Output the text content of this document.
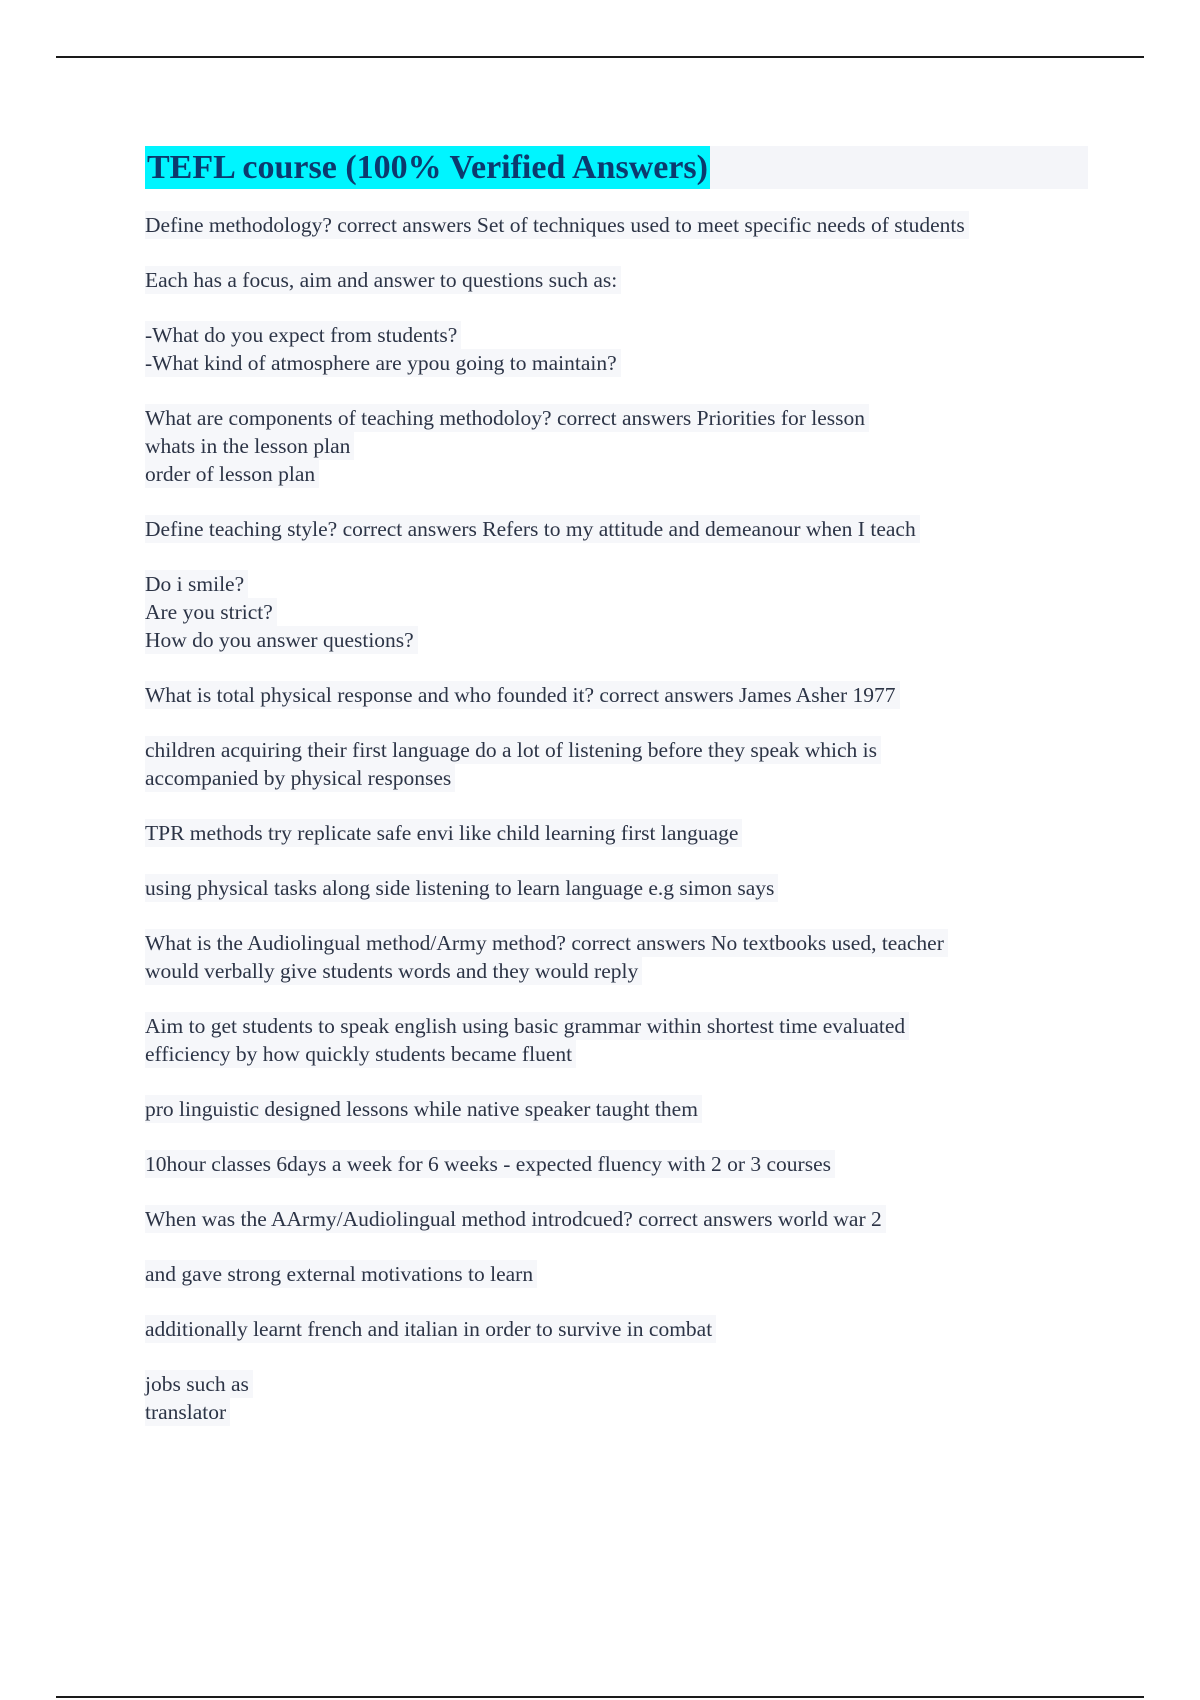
TEFL course (100% Verified Answers)
Define methodology? correct answers Set of techniques used to meet specific needs of students
Each has a focus, aim and answer to questions such as:
-What do you expect from students?
-What kind of atmosphere are ypou going to maintain?
What are components of teaching methodoloy? correct answers Priorities for lesson
whats in the lesson plan
order of lesson plan
Define teaching style? correct answers Refers to my attitude and demeanour when I teach
Do i smile?
Are you strict?
How do you answer questions?
What is total physical response and who founded it? correct answers James Asher 1977
children acquiring their first language do a lot of listening before they speak which is
accompanied by physical responses
TPR methods try replicate safe envi like child learning first language
using physical tasks along side listening to learn language e.g simon says
What is the Audiolingual method/Army method? correct answers No textbooks used, teacher
would verbally give students words and they would reply
Aim to get students to speak english using basic grammar within shortest time evaluated
efficiency by how quickly students became fluent
pro linguistic designed lessons while native speaker taught them
10hour classes 6days a week for 6 weeks - expected fluency with 2 or 3 courses
When was the AArmy/Audiolingual method introdcued? correct answers world war 2
and gave strong external motivations to learn
additionally learnt french and italian in order to survive in combat
jobs such as
translator
